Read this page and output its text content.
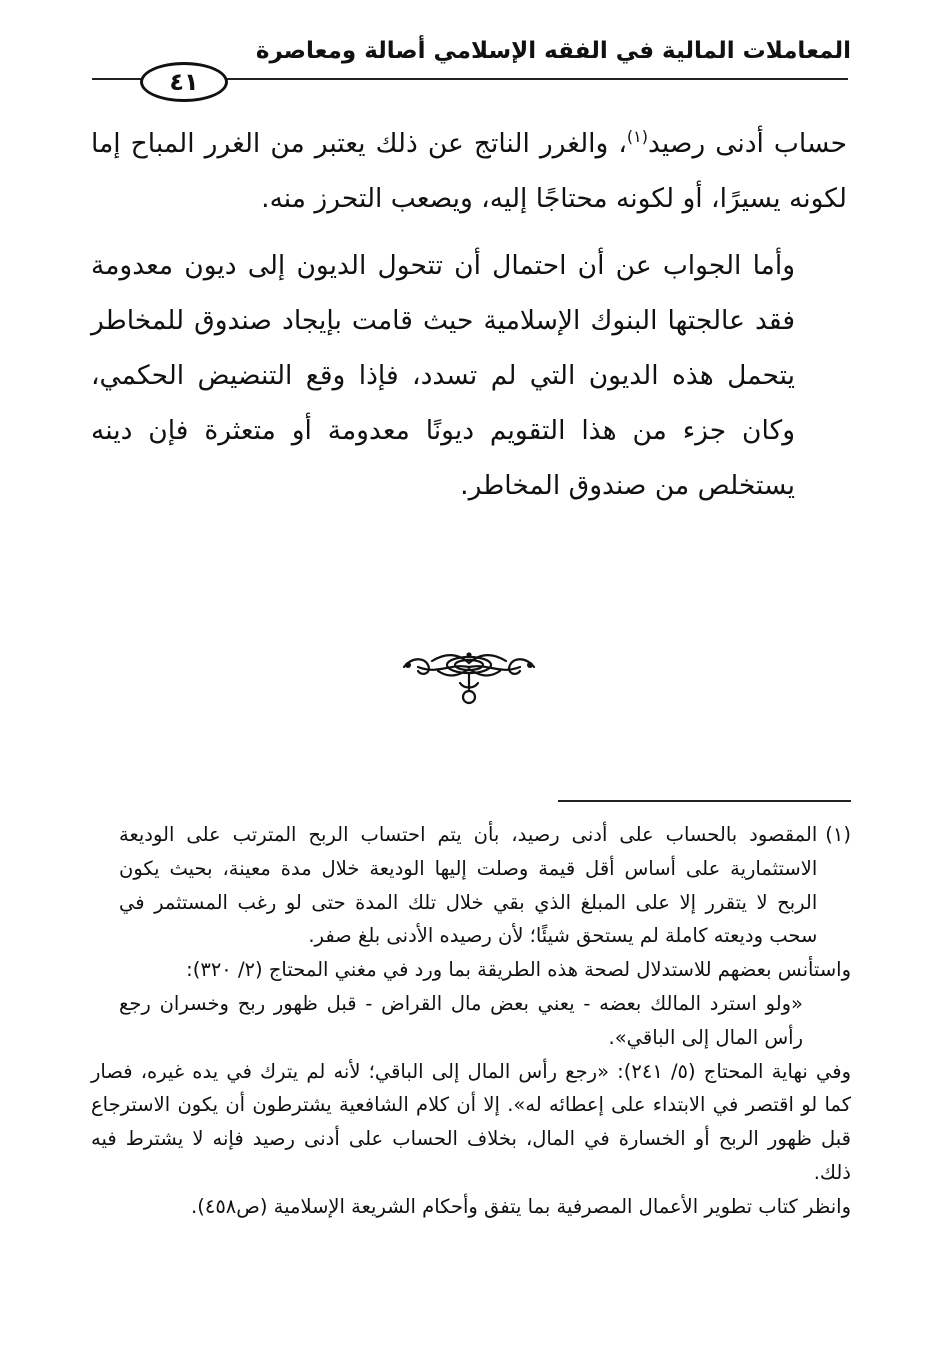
المعاملات المالية في الفقه الإسلامي أصالة ومعاصرة
٤١

حساب أدنى رصيد$^{(١)}$، والغرر الناتج عن ذلك يعتبر من الغرر المباح إما لكونه يسيرًا، أو لكونه محتاجًا إليه، ويصعب التحرز منه.

وأما الجواب عن أن احتمال أن تتحول الديون إلى ديون معدومة فقد عالجتها البنوك الإسلامية حيث قامت بإيجاد صندوق للمخاطر يتحمل هذه الديون التي لم تسدد، فإذا وقع التنضيض الحكمي، وكان جزء من هذا التقويم ديونًا معدومة أو متعثرة فإن دينه يستخلص من صندوق المخاطر.

(١)

المقصود بالحساب على أدنى رصيد، بأن يتم احتساب الربح المترتب على الوديعة الاستثمارية على أساس أقل قيمة وصلت إليها الوديعة خلال مدة معينة، بحيث يكون الربح لا يتقرر إلا على المبلغ الذي بقي خلال تلك المدة حتى لو رغب المستثمر في سحب وديعته كاملة لم يستحق شيئًا؛ لأن رصيده الأدنى بلغ صفر.

واستأنس بعضهم للاستدلال لصحة هذه الطريقة بما ورد في مغني المحتاج (٢/ ٣٢٠):

«ولو استرد المالك بعضه - يعني بعض مال القراض - قبل ظهور ربح وخسران رجع رأس المال إلى الباقي».

وفي نهاية المحتاج (٥/ ٢٤١): «رجع رأس المال إلى الباقي؛ لأنه لم يترك في يده غيره، فصار كما لو اقتصر في الابتداء على إعطائه له». إلا أن كلام الشافعية يشترطون أن يكون الاسترجاع قبل ظهور الربح أو الخسارة في المال، بخلاف الحساب على أدنى رصيد فإنه لا يشترط فيه ذلك.

وانظر كتاب تطوير الأعمال المصرفية بما يتفق وأحكام الشريعة الإسلامية (ص٤٥٨).
